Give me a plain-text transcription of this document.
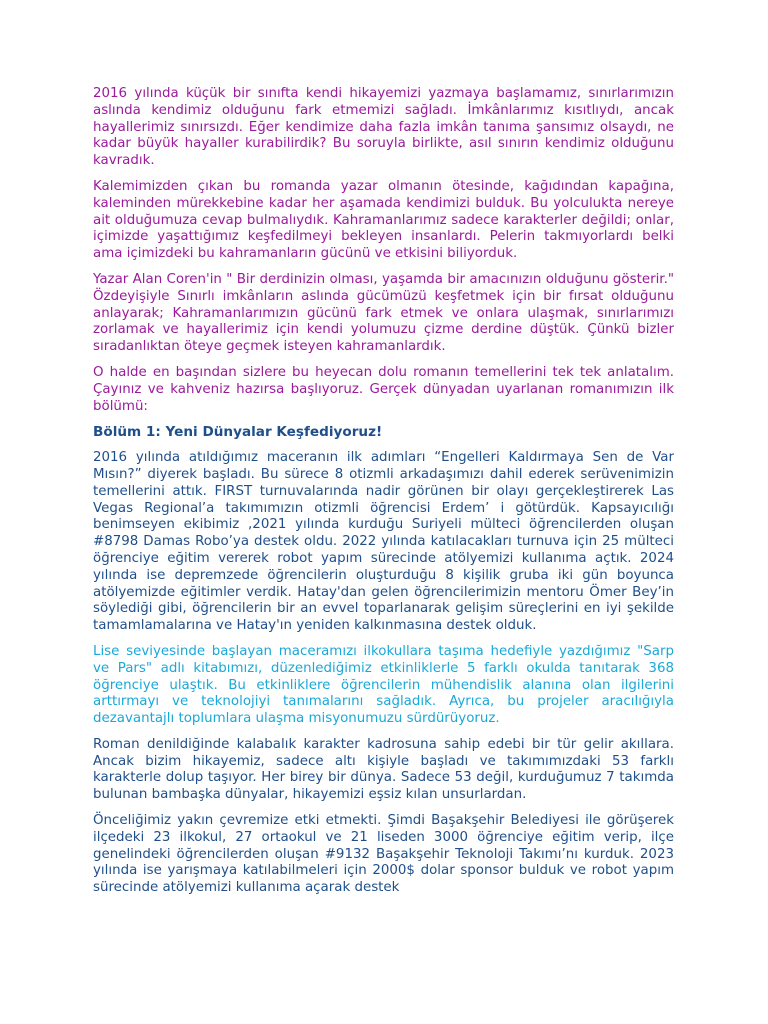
2016 yılında küçük bir sınıfta kendi hikayemizi yazmaya başlamamız, sınırlarımızın aslında kendimiz olduğunu fark etmemizi sağladı. İmkânlarımız kısıtlıydı, ancak hayallerimiz sınırsızdı. Eğer kendimize daha fazla imkân tanıma şansımız olsaydı, ne kadar büyük hayaller kurabilirdik? Bu soruyla birlikte, asıl sınırın kendimiz olduğunu kavradık.

Kalemimizden çıkan bu romanda yazar olmanın ötesinde, kağıdından kapağına, kaleminden mürekkebine kadar her aşamada kendimizi bulduk. Bu yolculukta nereye ait olduğumuza cevap bulmalıydık. Kahramanlarımız sadece karakterler değildi; onlar, içimizde yaşattığımız keşfedilmeyi bekleyen insanlardı. Pelerin takmıyorlardı belki ama içimizdeki bu kahramanların gücünü ve etkisini biliyorduk.

Yazar Alan Coren'in " Bir derdinizin olması, yaşamda bir amacınızın olduğunu gösterir." Özdeyişiyle Sınırlı imkânların aslında gücümüzü keşfetmek için bir fırsat olduğunu anlayarak; Kahramanlarımızın gücünü fark etmek ve onlara ulaşmak, sınırlarımızı zorlamak ve hayallerimiz için kendi yolumuzu çizme derdine düştük. Çünkü bizler sıradanlıktan öteye geçmek isteyen kahramanlardık.

O halde en başından sizlere bu heyecan dolu romanın temellerini tek tek anlatalım. Çayınız ve kahveniz hazırsa başlıyoruz. Gerçek dünyadan uyarlanan romanımızın ilk bölümü:

Bölüm 1: Yeni Dünyalar Keşfediyoruz!

2016 yılında atıldığımız maceranın ilk adımları “Engelleri Kaldırmaya Sen de Var Mısın?” diyerek başladı. Bu sürece 8 otizmli arkadaşımızı dahil ederek serüvenimizin temellerini attık. FIRST turnuvalarında nadir görünen bir olayı gerçekleştirerek Las Vegas Regional’a takımımızın otizmli öğrencisi Erdem’ i götürdük. Kapsayıcılığı benimseyen ekibimiz ,2021 yılında kurduğu Suriyeli mülteci öğrencilerden oluşan #8798 Damas Robo’ya destek oldu. 2022 yılında katılacakları turnuva için 25 mülteci öğrenciye eğitim vererek robot yapım sürecinde atölyemizi kullanıma açtık. 2024 yılında ise depremzede öğrencilerin oluşturduğu 8 kişilik gruba iki gün boyunca atölyemizde eğitimler verdik. Hatay'dan gelen öğrencilerimizin mentoru Ömer Bey’in söylediği gibi, öğrencilerin bir an evvel toparlanarak gelişim süreçlerini en iyi şekilde tamamlamalarına ve Hatay'ın yeniden kalkınmasına destek olduk.

Lise seviyesinde başlayan maceramızı ilkokullara taşıma hedefiyle yazdığımız "Sarp ve Pars" adlı kitabımızı, düzenlediğimiz etkinliklerle 5 farklı okulda tanıtarak 368 öğrenciye ulaştık. Bu etkinliklere öğrencilerin mühendislik alanına olan ilgilerini arttırmayı ve teknolojiyi tanımalarını sağladık. Ayrıca, bu projeler aracılığıyla dezavantajlı toplumlara ulaşma misyonumuzu sürdürüyoruz.

Roman denildiğinde kalabalık karakter kadrosuna sahip edebi bir tür gelir akıllara. Ancak bizim hikayemiz, sadece altı kişiyle başladı ve takımımızdaki 53 farklı karakterle dolup taşıyor. Her birey bir dünya. Sadece 53 değil, kurduğumuz 7 takımda bulunan bambaşka dünyalar, hikayemizi eşsiz kılan unsurlardan.

Önceliğimiz yakın çevremize etki etmekti. Şimdi Başakşehir Belediyesi ile görüşerek ilçedeki 23 ilkokul, 27 ortaokul ve 21 liseden 3000 öğrenciye eğitim verip, ilçe genelindeki öğrencilerden oluşan #9132 Başakşehir Teknoloji Takımı’nı kurduk. 2023 yılında ise yarışmaya katılabilmeleri için 2000$ dolar sponsor bulduk ve robot yapım sürecinde atölyemizi kullanıma açarak destek
